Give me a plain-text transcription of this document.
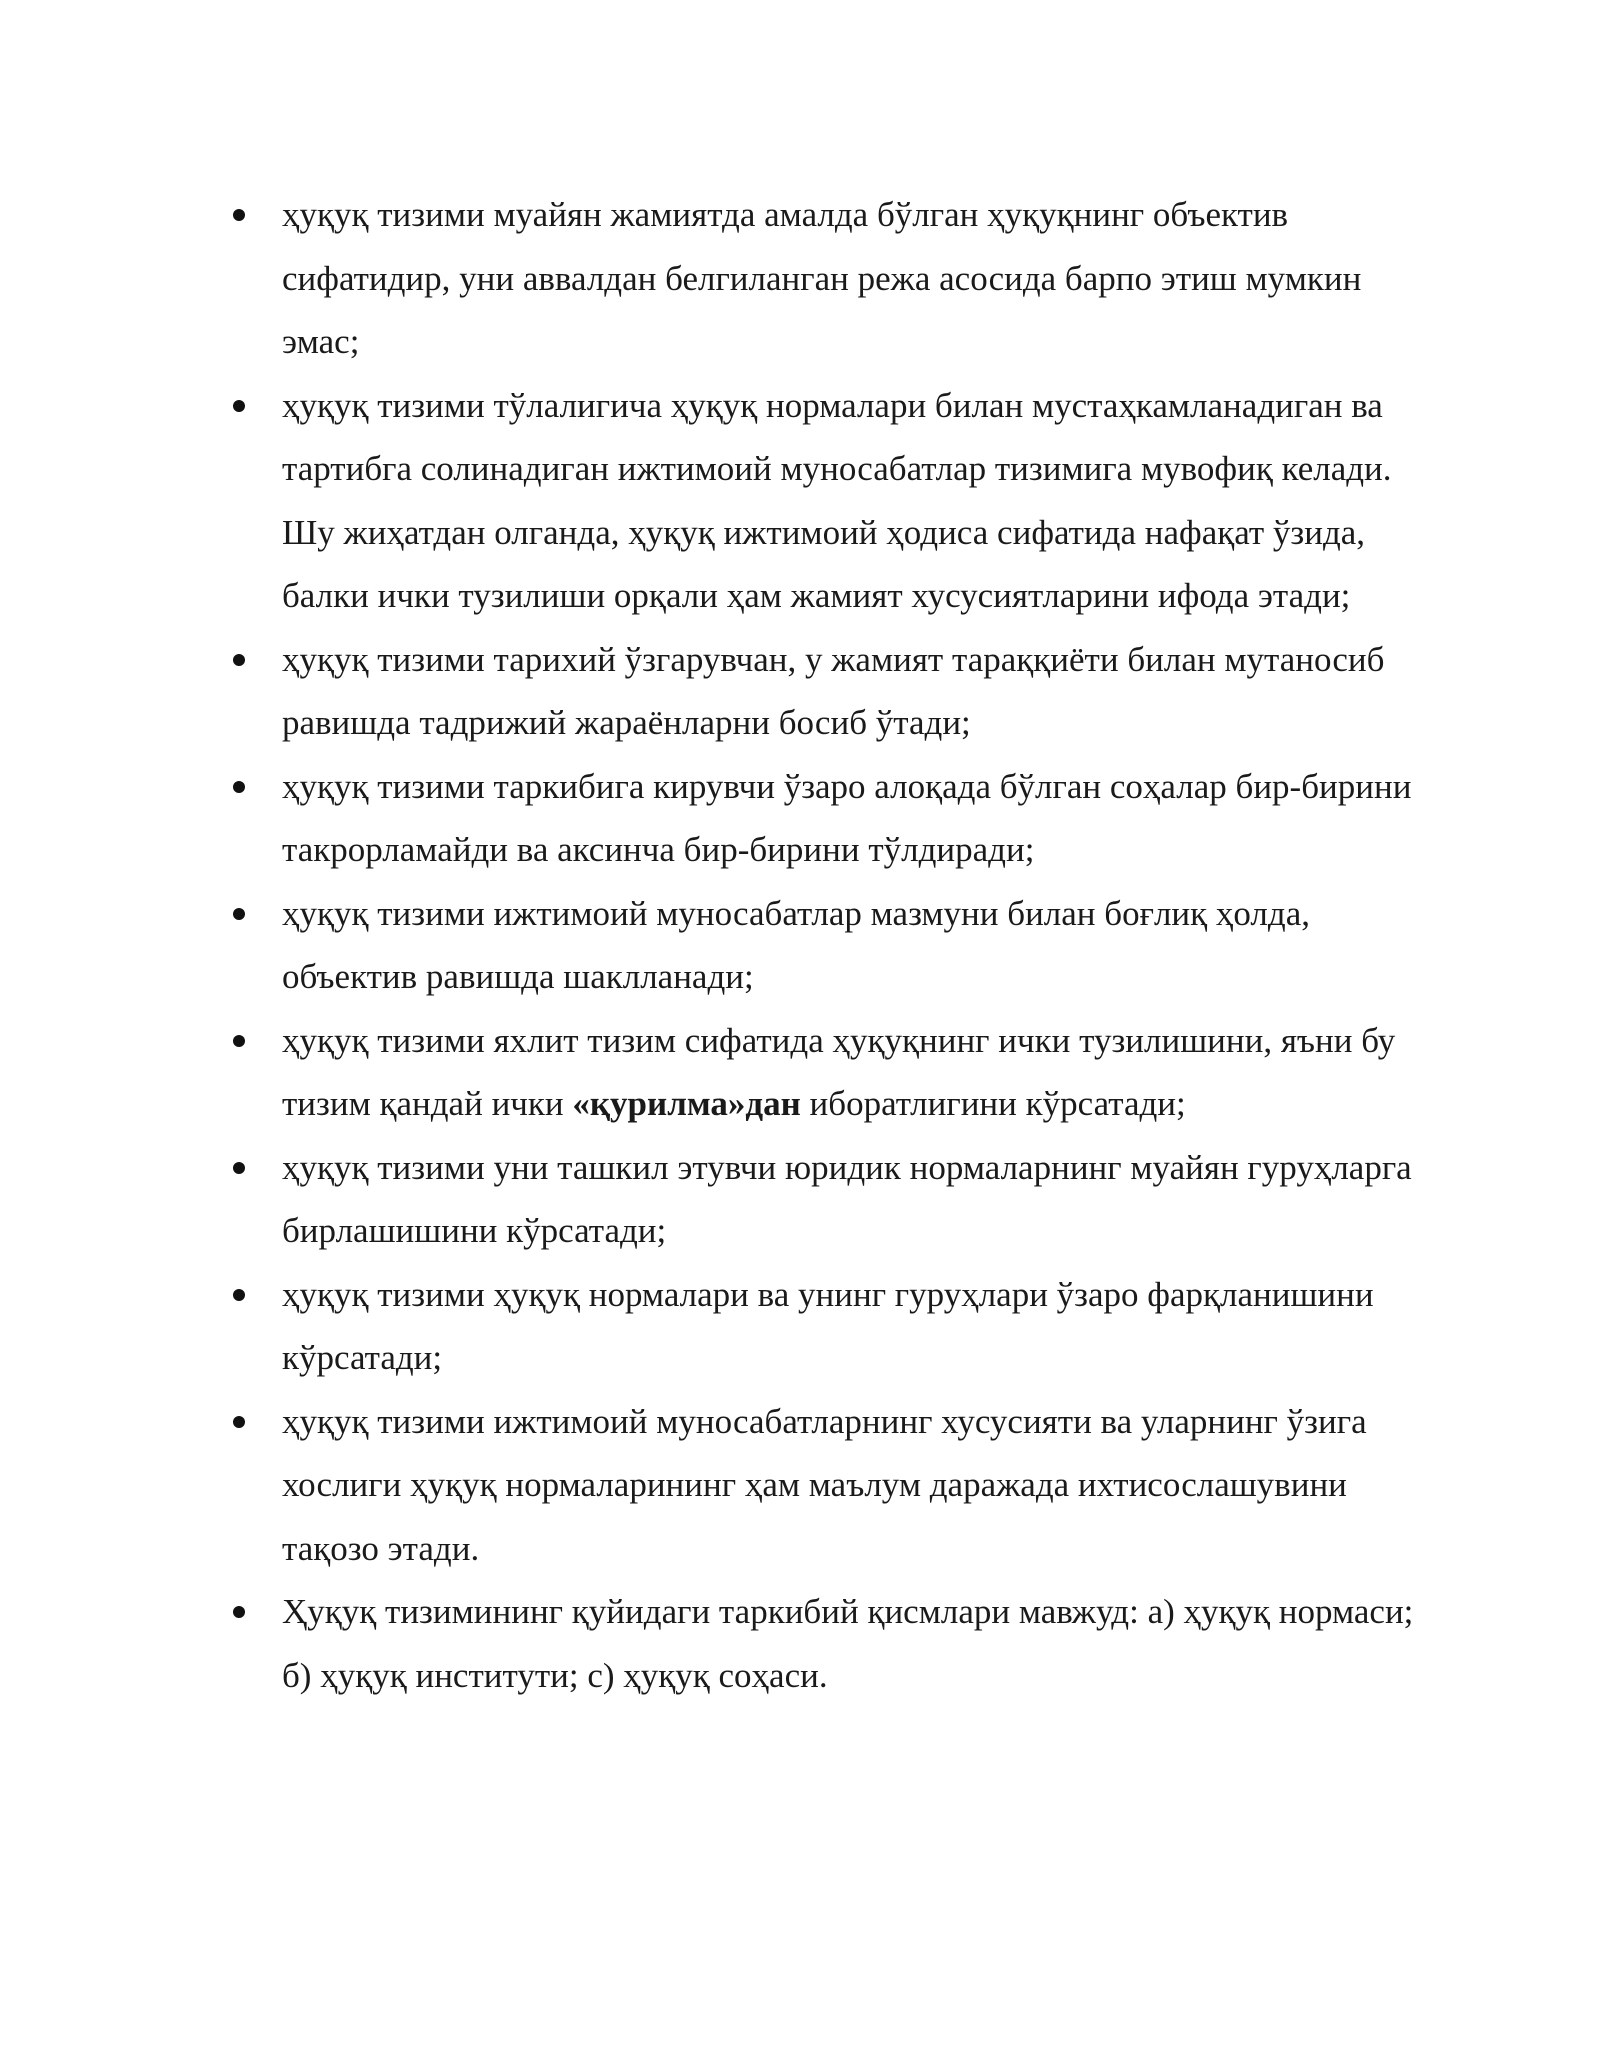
ҳуқуқ тизими муайян жамиятда амалда бўлган ҳуқуқнинг объектив сифатидир, уни аввалдан белгиланган режа асосида барпо этиш мумкин эмас;
ҳуқуқ тизими тўлалигича ҳуқуқ нормалари билан мустаҳкамланадиган ва тартибга солинадиган ижтимоий муносабатлар тизимига мувофиқ келади. Шу жиҳатдан олганда, ҳуқуқ ижтимоий ҳодиса сифатида нафақат ўзида, балки ички тузилиши орқали ҳам жамият хусусиятларини ифода этади;
ҳуқуқ тизими тарихий ўзгарувчан, у жамият тараққиёти билан мутаносиб равишда тадрижий жараёнларни босиб ўтади;
ҳуқуқ тизими таркибига кирувчи ўзаро алоқада бўлган соҳалар бир-бирини такрорламайди ва аксинча бир-бирини тўлдиради;
ҳуқуқ тизими ижтимоий муносабатлар мазмуни билан боғлиқ ҳолда, объектив равишда шаклланади;
ҳуқуқ тизими яхлит тизим сифатида ҳуқуқнинг ички тузилишини, яъни бу тизим қандай ички «қурилма»дан иборатлигини кўрсатади;
ҳуқуқ тизими уни ташкил этувчи юридик нормаларнинг муайян гуруҳларга бирлашишини кўрсатади;
ҳуқуқ тизими ҳуқуқ нормалари ва унинг гуруҳлари ўзаро фарқланишини кўрсатади;
ҳуқуқ тизими ижтимоий муносабатларнинг хусусияти ва уларнинг ўзига хослиги ҳуқуқ нормаларининг ҳам маълум даражада ихтисослашувини тақозо этади.
Ҳуқуқ тизимининг қуйидаги таркибий қисмлари мавжуд: а) ҳуқуқ нормаси; б) ҳуқуқ институти; с) ҳуқуқ соҳаси.
